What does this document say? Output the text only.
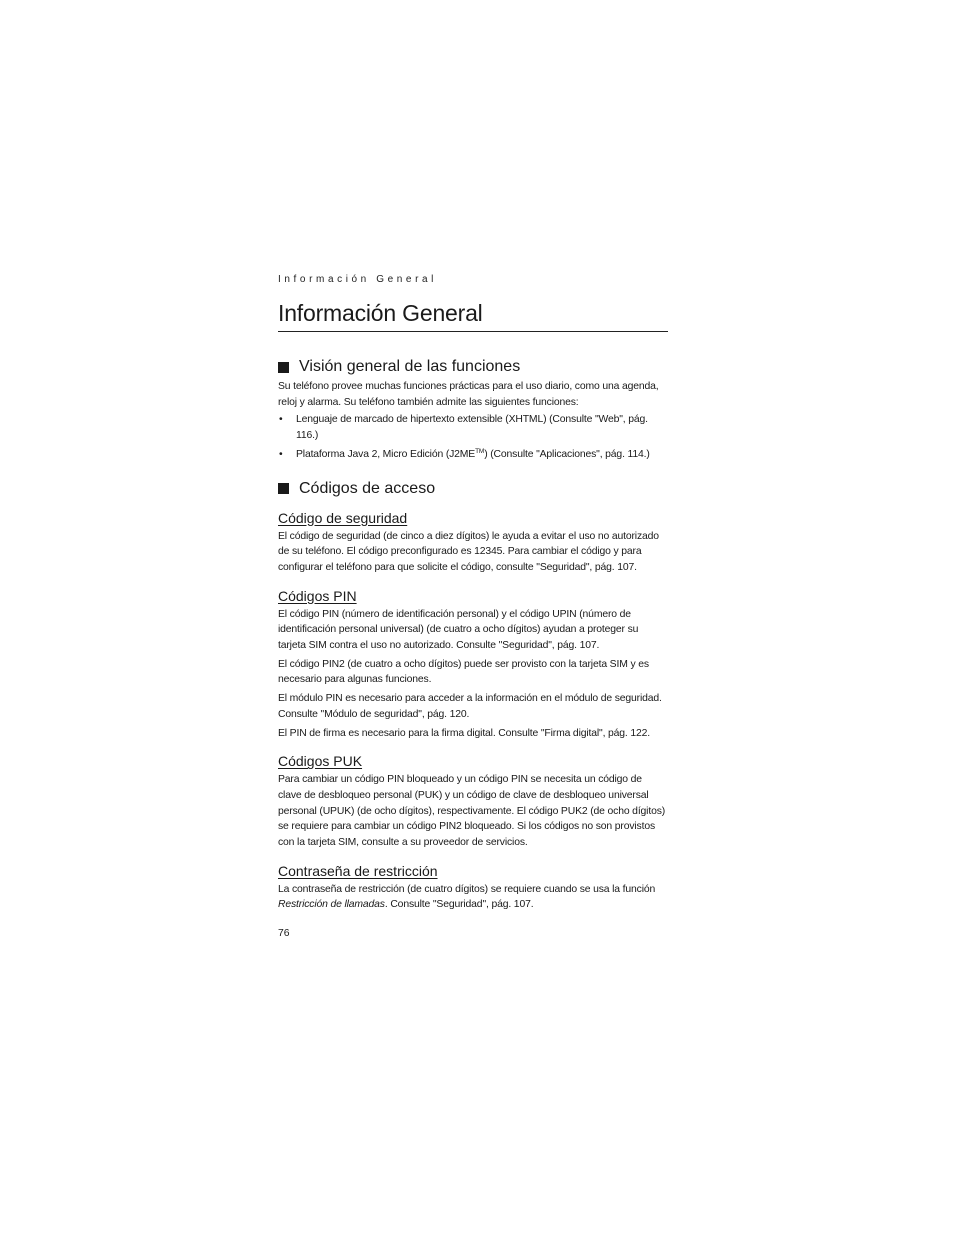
Información General
Información General
Visión general de las funciones

Su teléfono provee muchas funciones prácticas para el uso diario, como una agenda, reloj y alarma. Su teléfono también admite las siguientes funciones:

• Lenguaje de marcado de hipertexto extensible (XHTML) (Consulte "Web", pág. 116.)
• Plataforma Java 2, Micro Edición (J2ME™) (Consulte "Aplicaciones", pág. 114.)
Códigos de acceso
Código de seguridad

El código de seguridad (de cinco a diez dígitos) le ayuda a evitar el uso no autorizado de su teléfono. El código preconfigurado es 12345. Para cambiar el código y para configurar el teléfono para que solicite el código, consulte "Seguridad", pág. 107.

Códigos PIN

El código PIN (número de identificación personal) y el código UPIN (número de identificación personal universal) (de cuatro a ocho dígitos) ayudan a proteger su tarjeta SIM contra el uso no autorizado. Consulte "Seguridad", pág. 107.

El código PIN2 (de cuatro a ocho dígitos) puede ser provisto con la tarjeta SIM y es necesario para algunas funciones.

El módulo PIN es necesario para acceder a la información en el módulo de seguridad. Consulte "Módulo de seguridad", pág. 120.

El PIN de firma es necesario para la firma digital. Consulte "Firma digital", pág. 122.

Códigos PUK

Para cambiar un código PIN bloqueado y un código PIN se necesita un código de clave de desbloqueo personal (PUK) y un código de clave de desbloqueo universal personal (UPUK) (de ocho dígitos), respectivamente. El código PUK2 (de ocho dígitos) se requiere para cambiar un código PIN2 bloqueado. Si los códigos no son provistos con la tarjeta SIM, consulte a su proveedor de servicios.

Contraseña de restricción

La contraseña de restricción (de cuatro dígitos) se requiere cuando se usa la función Restricción de llamadas. Consulte "Seguridad", pág. 107.

76
